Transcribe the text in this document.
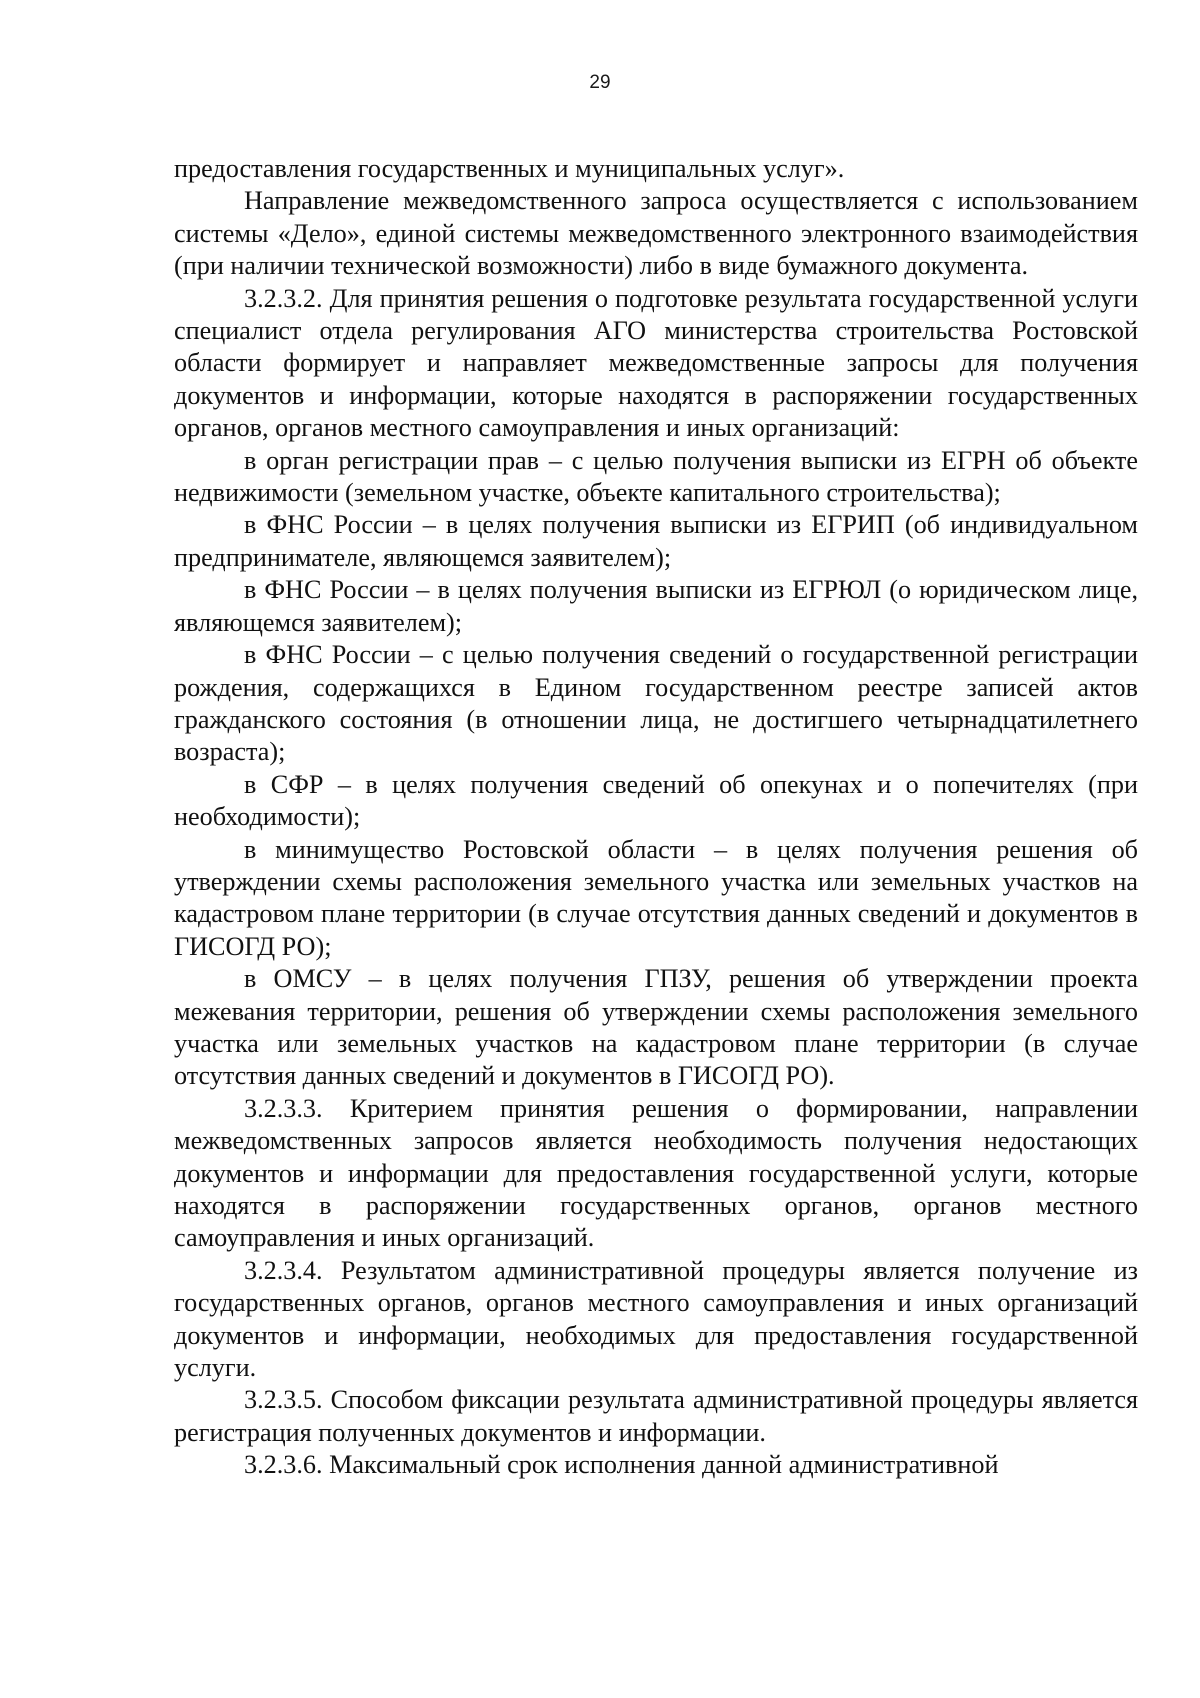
29

предоставления государственных и муниципальных услуг».

Направление межведомственного запроса осуществляется с использованием системы «Дело», единой системы межведомственного электронного взаимодействия (при наличии технической возможности) либо в виде бумажного документа.

3.2.3.2. Для принятия решения о подготовке результата государственной услуги специалист отдела регулирования АГО министерства строительства Ростовской области формирует и направляет межведомственные запросы для получения документов и информации, которые находятся в распоряжении государственных органов, органов местного самоуправления и иных организаций:

в орган регистрации прав – с целью получения выписки из ЕГРН об объекте недвижимости (земельном участке, объекте капитального строительства);

в ФНС России – в целях получения выписки из ЕГРИП (об индивидуальном предпринимателе, являющемся заявителем);

в ФНС России – в целях получения выписки из ЕГРЮЛ (о юридическом лице, являющемся заявителем);

в ФНС России – с целью получения сведений о государственной регистрации рождения, содержащихся в Едином государственном реестре записей актов гражданского состояния (в отношении лица, не достигшего четырнадцатилетнего возраста);

в СФР – в целях получения сведений об опекунах и о попечителях (при необходимости);

в минимущество Ростовской области – в целях получения решения об утверждении схемы расположения земельного участка или земельных участков на кадастровом плане территории (в случае отсутствия данных сведений и документов в ГИСОГД РО);

в ОМСУ – в целях получения ГПЗУ, решения об утверждении проекта межевания территории, решения об утверждении схемы расположения земельного участка или земельных участков на кадастровом плане территории (в случае отсутствия данных сведений и документов в ГИСОГД РО).

3.2.3.3. Критерием принятия решения о формировании, направлении межведомственных запросов является необходимость получения недостающих документов и информации для предоставления государственной услуги, которые находятся в распоряжении государственных органов, органов местного самоуправления и иных организаций.

3.2.3.4. Результатом административной процедуры является получение из государственных органов, органов местного самоуправления и иных организаций документов и информации, необходимых для предоставления государственной услуги.

3.2.3.5. Способом фиксации результата административной процедуры является регистрация полученных документов и информации.

3.2.3.6. Максимальный срок исполнения данной административной
